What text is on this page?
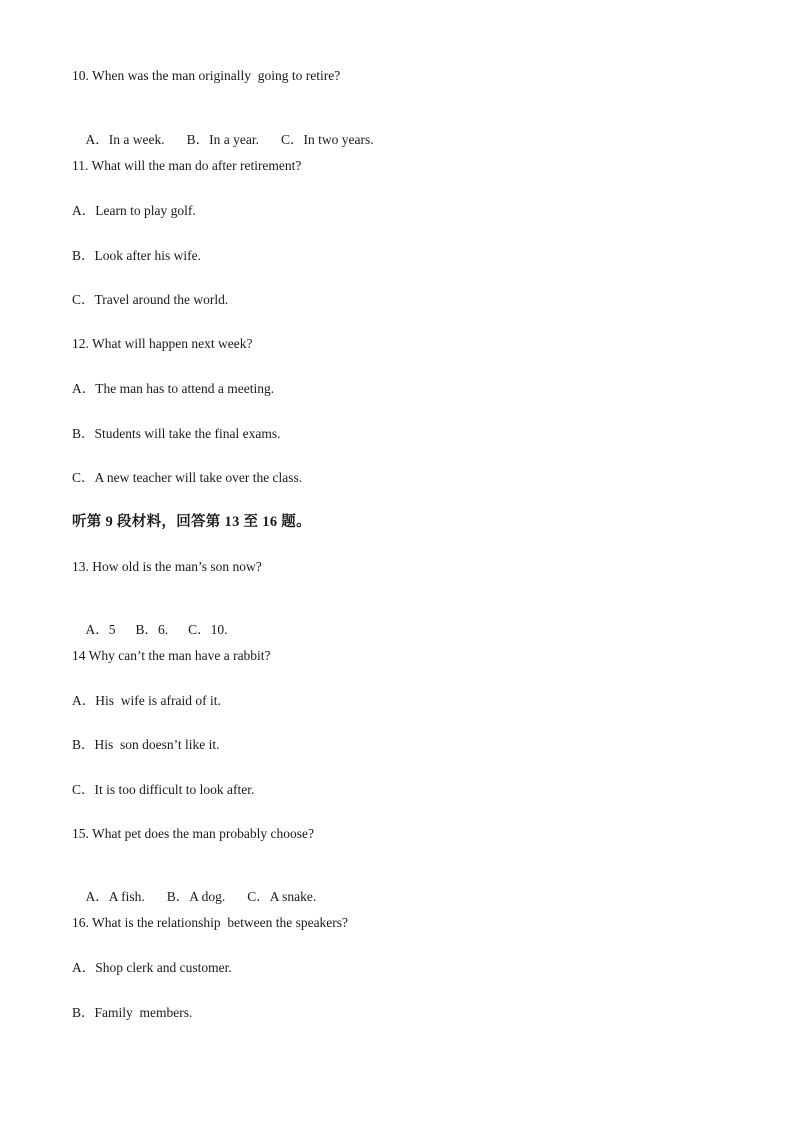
10. When was the man originally  going to retire?

A．In a week. B．In a year. C．In two years.

11. What will the man do after retirement?
A．Learn to play golf.
B．Look after his wife.
C．Travel around the world.
12. What will happen next week?
A．The man has to attend a meeting.
B．Students will take the final exams.
C．A new teacher will take over the class.
听第 9 段材料，回答第 13 至 16 题。
13. How old is the man’s son now?

A．5 B．6. C．10.

14 Why can’t the man have a rabbit?
A．His  wife is afraid of it.
B．His  son doesn’t like it.
C．It is too difficult to look after.
15. What pet does the man probably choose?

A．A fish. B．A dog. C．A snake.

16. What is the relationship  between the speakers?
A．Shop clerk and customer.
B．Family  members.
